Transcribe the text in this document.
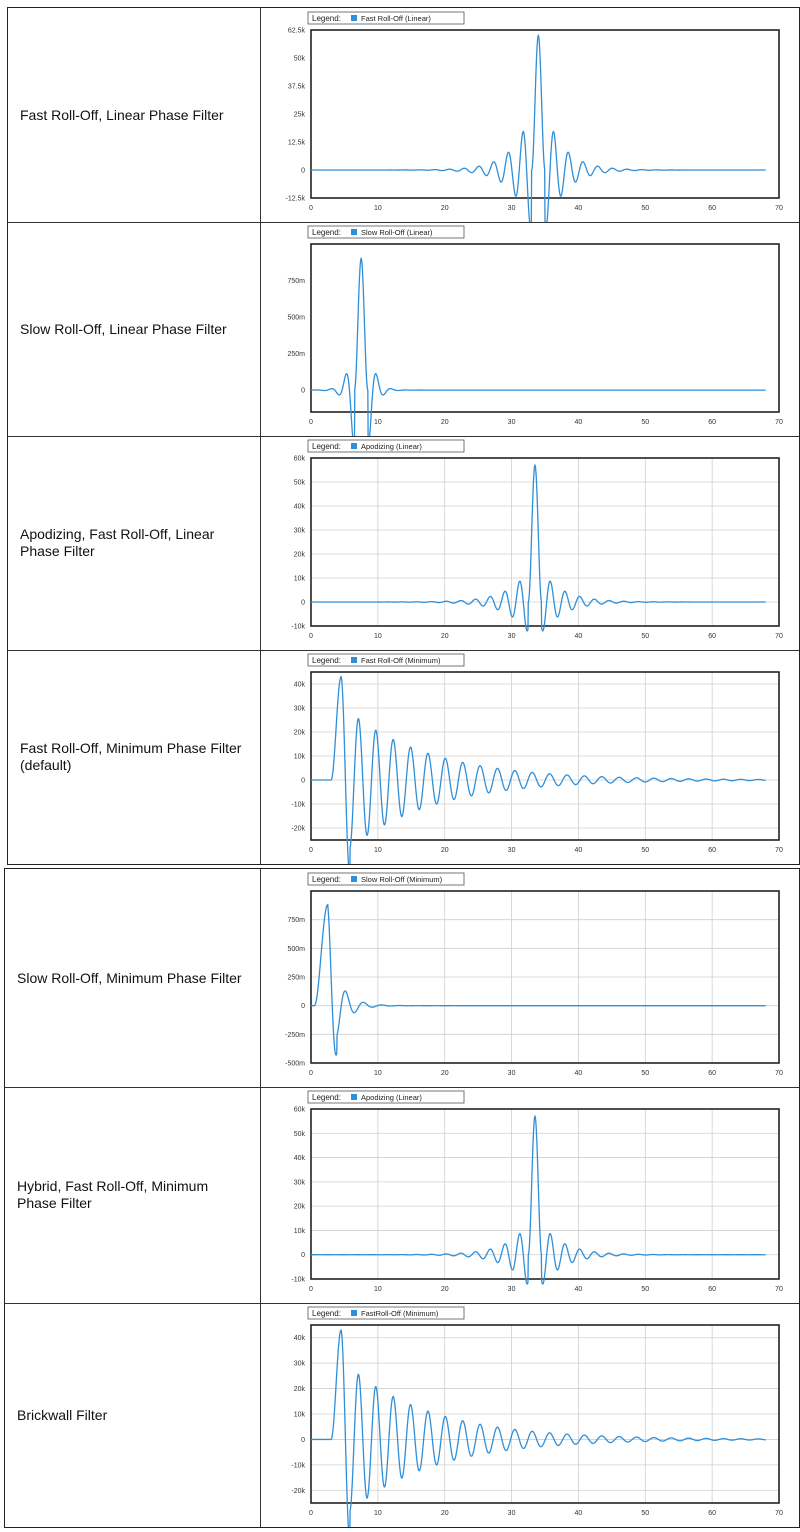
Fast Roll-Off, Linear Phase Filter
Legend:	Fast Roll-Off (Linear)
-12.5k
0
12.5k
25k
37.5k
50k
62.5k
0	10	20	30	40	50	60	70
Slow Roll-Off, Linear Phase Filter
Legend:	Slow Roll-Off (Linear)
0
250m
500m
750m
0	10	20	30	40	50	60	70
Apodizing, Fast Roll-Off, Linear Phase Filter
Legend:	Apodizing (Linear)
-10k
0
10k
20k
30k
40k
50k
60k
0	10	20	30	40	50	60	70
Fast Roll-Off, Minimum Phase Filter (default)
Legend:	Fast Roll-Off (Minimum)
-20k
-10k
0
10k
20k
30k
40k
0	10	20	30	40	50	60	70
Slow Roll-Off, Minimum Phase Filter
Legend:	Slow Roll-Off (Minimum)
-500m
-250m
0
250m
500m
750m
0	10	20	30	40	50	60	70
Hybrid, Fast Roll-Off, Minimum Phase Filter
Legend:	Apodizing (Linear)
-10k
0
10k
20k
30k
40k
50k
60k
0	10	20	30	40	50	60	70
Brickwall Filter
Legend:	FastRoll-Off (Minimum)
-20k
-10k
0
10k
20k
30k
40k
0	10	20	30	40	50	60	70
